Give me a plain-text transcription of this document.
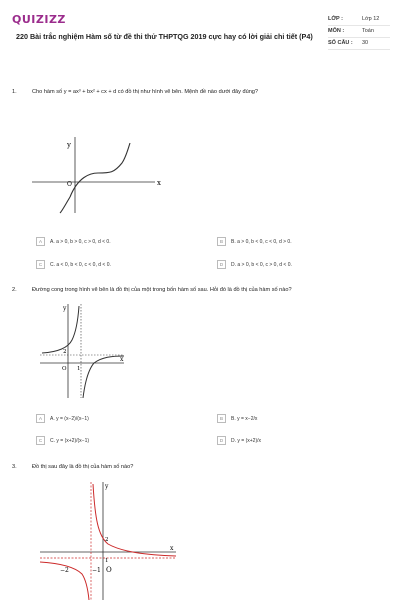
QUIZIZZ
220 Bài trắc nghiệm Hàm số từ đề thi thử THPTQG 2019 cực hay có lời giải chi tiết (P4)
LỚP :	Lớp 12
MÔN :	Toán
SỐ CÂU :	30
1.	Cho hàm số y = ax³ + bx² + cx + d có đồ thị như hình vẽ bên. Mệnh đề nào dưới đây đúng?
y
x
O
A	A. a > 0, b > 0, c > 0, d < 0.	B	B. a > 0, b < 0, c < 0, d > 0.
C	C. a < 0, b < 0, c < 0, d < 0.	D	D. a > 0, b < 0, c > 0, d < 0.
2.	Đường cong trong hình vẽ bên là đồ thị của một trong bốn hàm số sau. Hỏi đó là đồ thị của hàm số nào?
y
x
O
2
1
A	A. y = (x−2)/(x−1)	B	B. y = x−2/x
C	C. y = (x+2)/(x−1)	D	D. y = (x+2)/x
3.	Đồ thị sau đây là đồ thị của hàm số nào?
y
x
2
1
O
−2	−1
